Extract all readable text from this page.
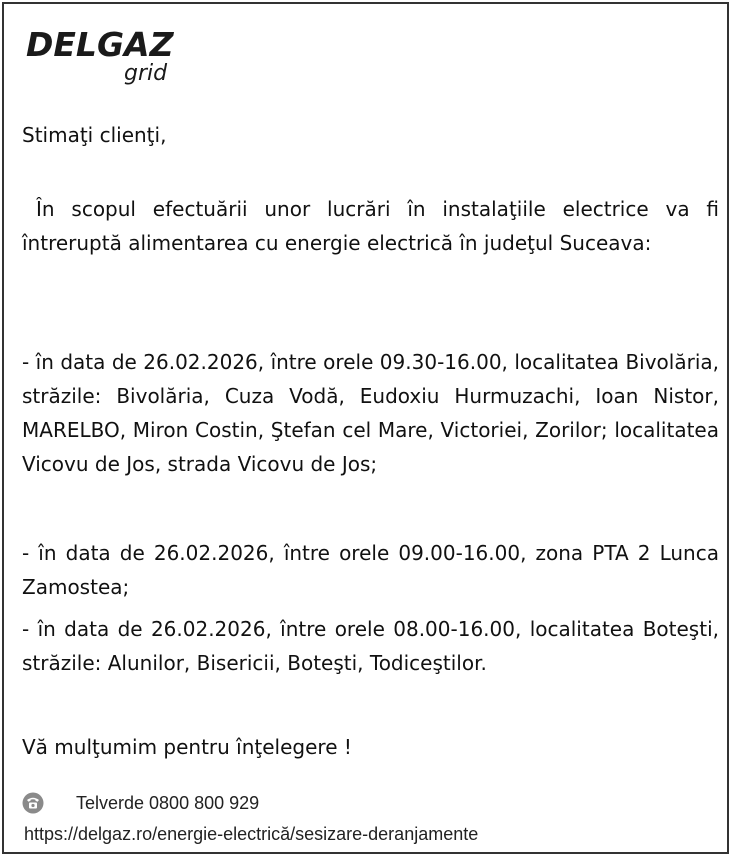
DELGAZ
grid
Stimaţi clienţi,
În scopul efectuării unor lucrări în instalaţiile electrice va fi întreruptă alimentarea cu energie electrică în judeţul Suceava:
- în data de 26.02.2026, între orele 09.30-16.00, localitatea Bivolăria, străzile: Bivolăria, Cuza Vodă, Eudoxiu Hurmuzachi, Ioan Nistor, MARELBO, Miron Costin, Ştefan cel Mare, Victoriei, Zorilor; localitatea Vicovu de Jos, strada Vicovu de Jos;
- în data de 26.02.2026, între orele 09.00-16.00, zona PTA 2 Lunca Zamostea;
- în data de 26.02.2026, între orele 08.00-16.00, localitatea Boteşti, străzile: Alunilor, Bisericii, Boteşti, Todiceştilor.
Vă mulţumim pentru înţelegere !
Telverde 0800 800 929
https://delgaz.ro/energie-electrică/sesizare-deranjamente
